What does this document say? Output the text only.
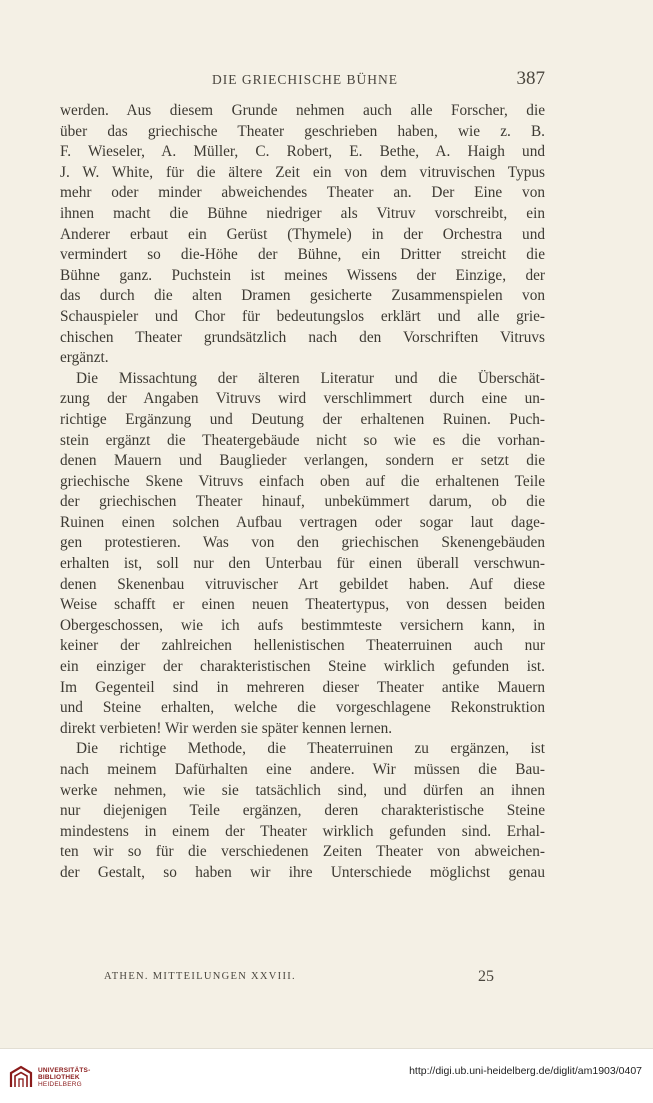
DIE GRIECHISCHE BÜHNE	387
werden. Aus diesem Grunde nehmen auch alle Forscher, die
über das griechische Theater geschrieben haben, wie z. B.
F. Wieseler, A. Müller, C. Robert, E. Bethe, A. Haigh und
J. W. White, für die ältere Zeit ein von dem vitruvischen Typus
mehr oder minder abweichendes Theater an. Der Eine von
ihnen macht die Bühne niedriger als Vitruv vorschreibt, ein
Anderer erbaut ein Gerüst (Thymele) in der Orchestra und
vermindert so die-Höhe der Bühne, ein Dritter streicht die
Bühne ganz. Puchstein ist meines Wissens der Einzige, der
das durch die alten Dramen gesicherte Zusammenspielen von
Schauspieler und Chor für bedeutungslos erklärt und alle grie-
chischen Theater grundsätzlich nach den Vorschriften Vitruvs
ergänzt.
Die Missachtung der älteren Literatur und die Überschät-
zung der Angaben Vitruvs wird verschlimmert durch eine un-
richtige Ergänzung und Deutung der erhaltenen Ruinen. Puch-
stein ergänzt die Theatergebäude nicht so wie es die vorhan-
denen Mauern und Bauglieder verlangen, sondern er setzt die
griechische Skene Vitruvs einfach oben auf die erhaltenen Teile
der griechischen Theater hinauf, unbekümmert darum, ob die
Ruinen einen solchen Aufbau vertragen oder sogar laut dage-
gen protestieren. Was von den griechischen Skenengebäuden
erhalten ist, soll nur den Unterbau für einen überall verschwun-
denen Skenenbau vitruvischer Art gebildet haben. Auf diese
Weise schafft er einen neuen Theatertypus, von dessen beiden
Obergeschossen, wie ich aufs bestimmteste versichern kann, in
keiner der zahlreichen hellenistischen Theaterruinen auch nur
ein einziger der charakteristischen Steine wirklich gefunden ist.
Im Gegenteil sind in mehreren dieser Theater antike Mauern
und Steine erhalten, welche die vorgeschlagene Rekonstruktion
direkt verbieten! Wir werden sie später kennen lernen.
Die richtige Methode, die Theaterruinen zu ergänzen, ist
nach meinem Dafürhalten eine andere. Wir müssen die Bau-
werke nehmen, wie sie tatsächlich sind, und dürfen an ihnen
nur diejenigen Teile ergänzen, deren charakteristische Steine
mindestens in einem der Theater wirklich gefunden sind. Erhal-
ten wir so für die verschiedenen Zeiten Theater von abweichen-
der Gestalt, so haben wir ihre Unterschiede möglichst genau
ATHEN. MITTEILUNGEN XXVIII.	25
UNIVERSITÄTS-
BIBLIOTHEK
HEIDELBERG
http://digi.ub.uni-heidelberg.de/diglit/am1903/0407
